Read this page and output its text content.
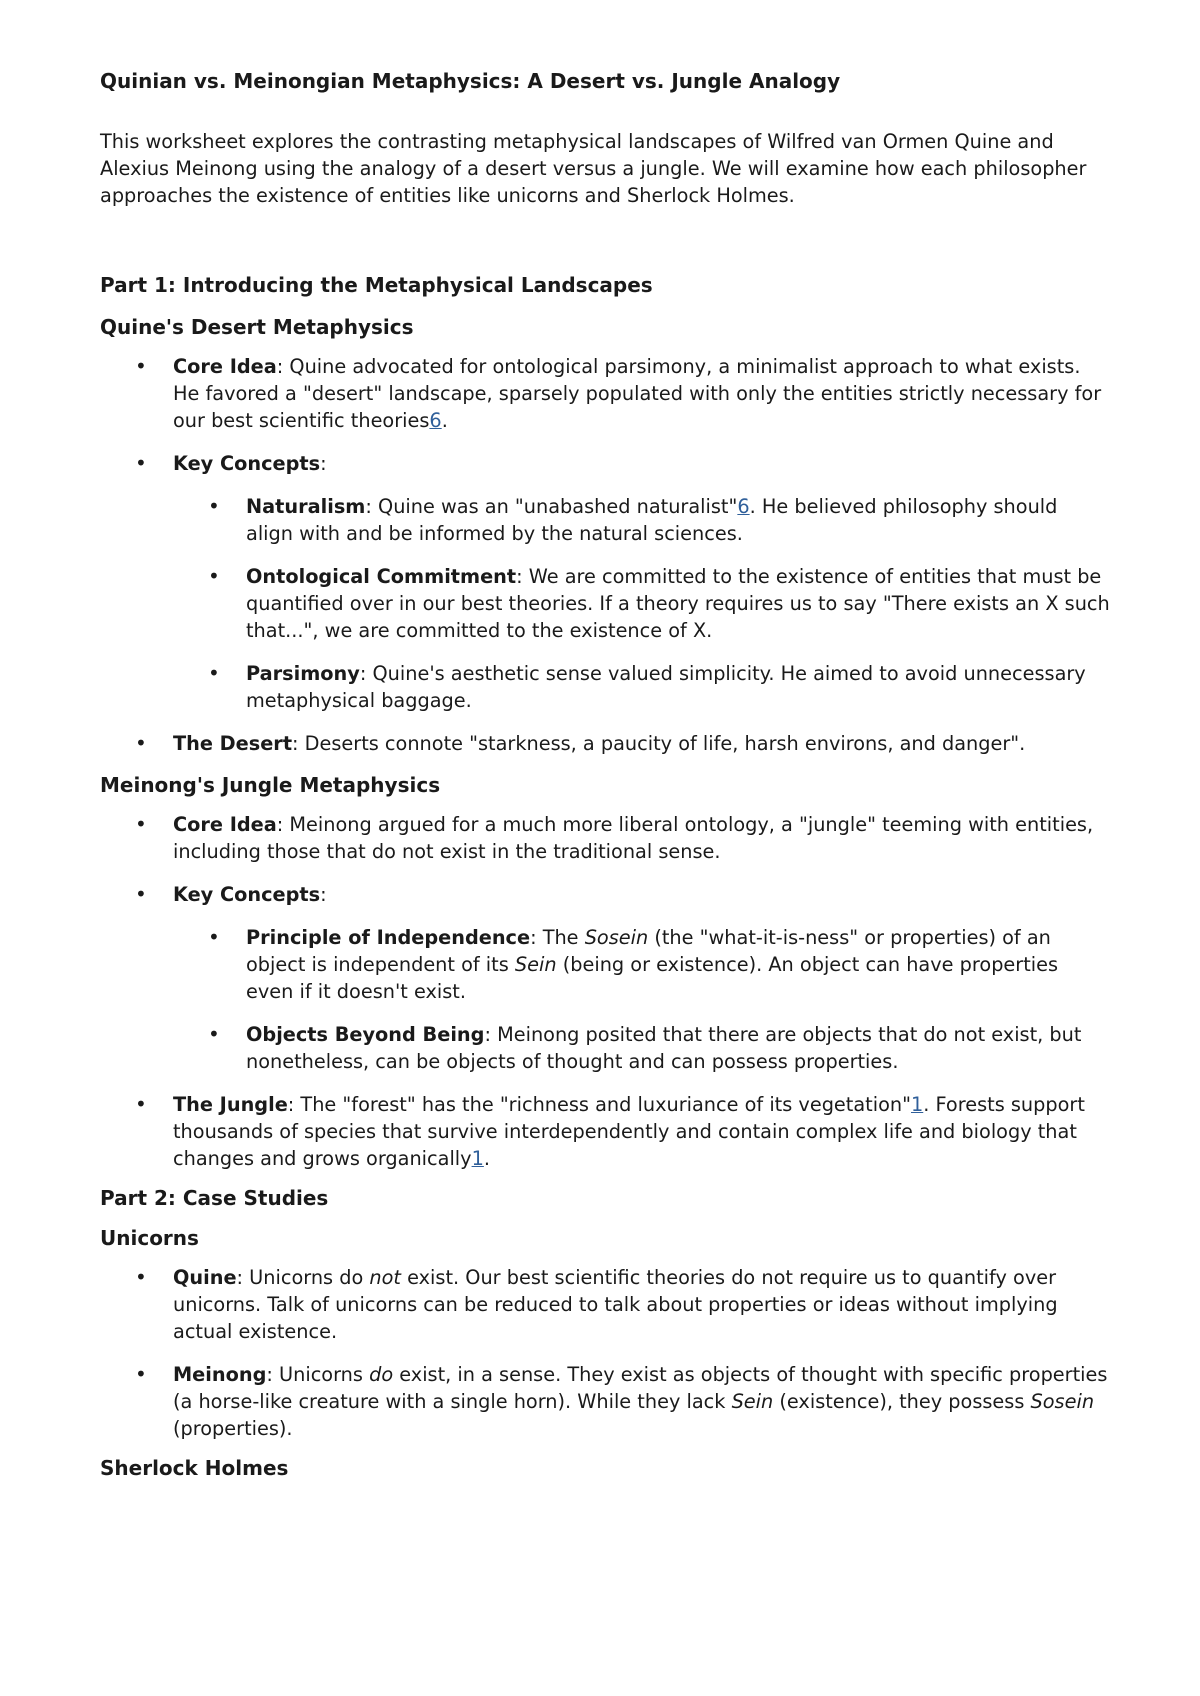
Quinian vs. Meinongian Metaphysics: A Desert vs. Jungle Analogy

This worksheet explores the contrasting metaphysical landscapes of Wilfred van Ormen Quine and Alexius Meinong using the analogy of a desert versus a jungle. We will examine how each philosopher approaches the existence of entities like unicorns and Sherlock Holmes.

Part 1: Introducing the Metaphysical Landscapes
Quine's Desert Metaphysics
•
Core Idea: Quine advocated for ontological parsimony, a minimalist approach to what exists. He favored a "desert" landscape, sparsely populated with only the entities strictly necessary for our best scientific theories6.
•
Key Concepts:
•
Naturalism: Quine was an "unabashed naturalist"6. He believed philosophy should align with and be informed by the natural sciences.
•
Ontological Commitment: We are committed to the existence of entities that must be quantified over in our best theories. If a theory requires us to say "There exists an X such that...", we are committed to the existence of X.
•
Parsimony: Quine's aesthetic sense valued simplicity. He aimed to avoid unnecessary metaphysical baggage.
•
The Desert: Deserts connote "starkness, a paucity of life, harsh environs, and danger".
Meinong's Jungle Metaphysics
•
Core Idea: Meinong argued for a much more liberal ontology, a "jungle" teeming with entities, including those that do not exist in the traditional sense.
•
Key Concepts:
•
Principle of Independence: The Sosein (the "what-it-is-ness" or properties) of an object is independent of its Sein (being or existence). An object can have properties even if it doesn't exist.
•
Objects Beyond Being: Meinong posited that there are objects that do not exist, but nonetheless, can be objects of thought and can possess properties.
•
The Jungle: The "forest" has the "richness and luxuriance of its vegetation"1. Forests support thousands of species that survive interdependently and contain complex life and biology that changes and grows organically1.
Part 2: Case Studies
Unicorns
•
Quine: Unicorns do not exist. Our best scientific theories do not require us to quantify over unicorns. Talk of unicorns can be reduced to talk about properties or ideas without implying actual existence.
•
Meinong: Unicorns do exist, in a sense. They exist as objects of thought with specific properties (a horse-like creature with a single horn). While they lack Sein (existence), they possess Sosein (properties).
Sherlock Holmes
